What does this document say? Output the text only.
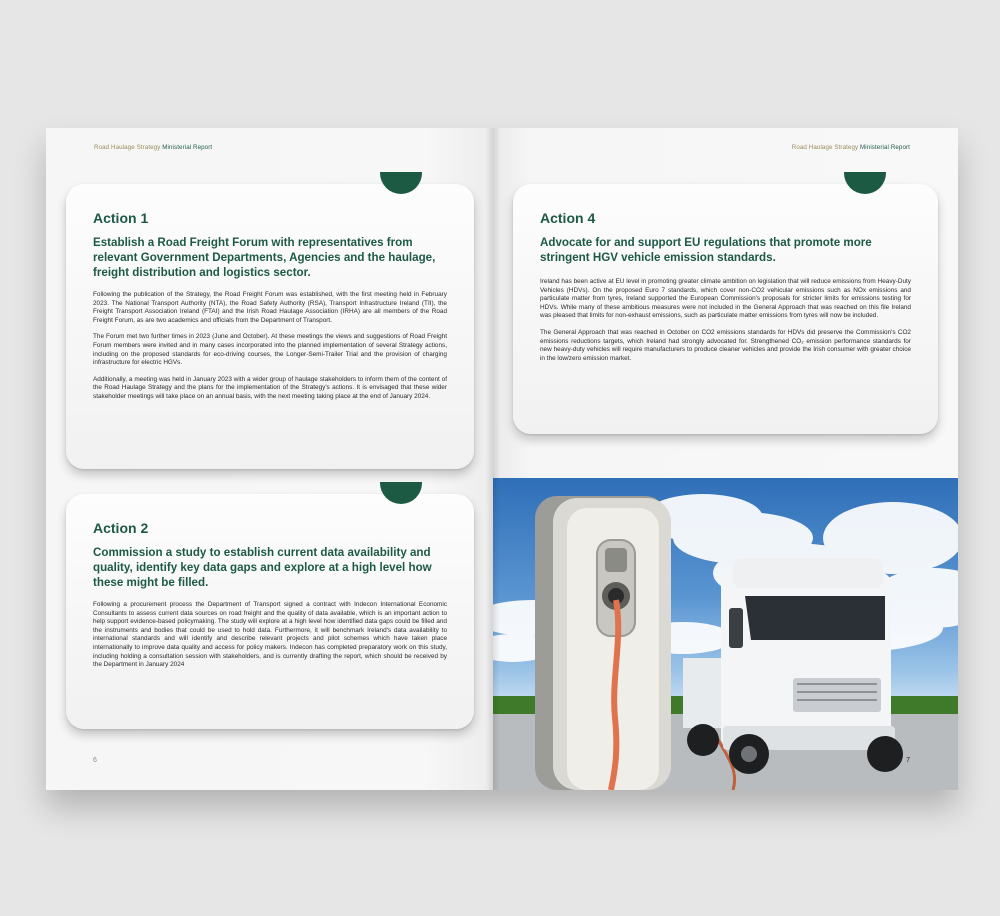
Road Haulage Strategy Ministerial Report
Action 1
Establish a Road Freight Forum with representatives from relevant Government Departments, Agencies and the haulage, freight distribution and logistics sector.

Following the publication of the Strategy, the Road Freight Forum was established, with the first meeting held in February 2023. The National Transport Authority (NTA), the Road Safety Authority (RSA), Transport Infrastructure Ireland (TII), the Freight Transport Association Ireland (FTAI) and the Irish Road Haulage Association (IRHA) are all members of the Road Freight Forum, as are two academics and officials from the Department of Transport.

The Forum met two further times in 2023 (June and October). At these meetings the views and suggestions of Road Freight Forum members were invited and in many cases incorporated into the planned implementation of several Strategy actions, including on the proposed standards for eco-driving courses, the Longer-Semi-Trailer Trial and the provision of charging infrastructure for electric HGVs.

Additionally, a meeting was held in January 2023 with a wider group of haulage stakeholders to inform them of the content of the Road Haulage Strategy and the plans for the implementation of the Strategy's actions. It is envisaged that these wider stakeholder meetings will take place on an annual basis, with the next meeting taking place at the end of January 2024.

Action 2
Commission a study to establish current data availability and quality, identify key data gaps and explore at a high level how these might be filled.

Following a procurement process the Department of Transport signed a contract with Indecon International Economic Consultants to assess current data sources on road freight and the quality of data available, which is an important action to help support evidence-based policymaking. The study will explore at a high level how identified data gaps could be filled and the instruments and bodies that could be used to hold data. Furthermore, it will benchmark Ireland's data availability to international standards and will identify and describe relevant projects and pilot schemes which have taken place internationally to improve data quality and access for policy makers. Indecon has completed preparatory work on this study, including holding a consultation session with stakeholders, and is currently drafting the report, which should be received by the Department in January 2024

6
Road Haulage Strategy Ministerial Report
Action 4
Advocate for and support EU regulations that promote more stringent HGV vehicle emission standards.

Ireland has been active at EU level in promoting greater climate ambition on legislation that will reduce emissions from Heavy-Duty Vehicles (HDVs). On the proposed Euro 7 standards, which cover non-CO2 vehicular emissions such as NOx emissions and particulate matter from tyres, Ireland supported the European Commission's proposals for stricter limits for emissions testing for HDVs. While many of these ambitious measures were not included in the General Approach that was reached on this file Ireland was pleased that limits for non-exhaust emissions, such as particulate matter emissions from tyres will now be included.

The General Approach that was reached in October on CO2 emissions standards for HDVs did preserve the Commission's CO2 emissions reductions targets, which Ireland had strongly advocated for. Strengthened CO₂ emission performance standards for new heavy-duty vehicles will require manufacturers to produce cleaner vehicles and provide the Irish consumer with greater choice in the low/zero emission market.

7
